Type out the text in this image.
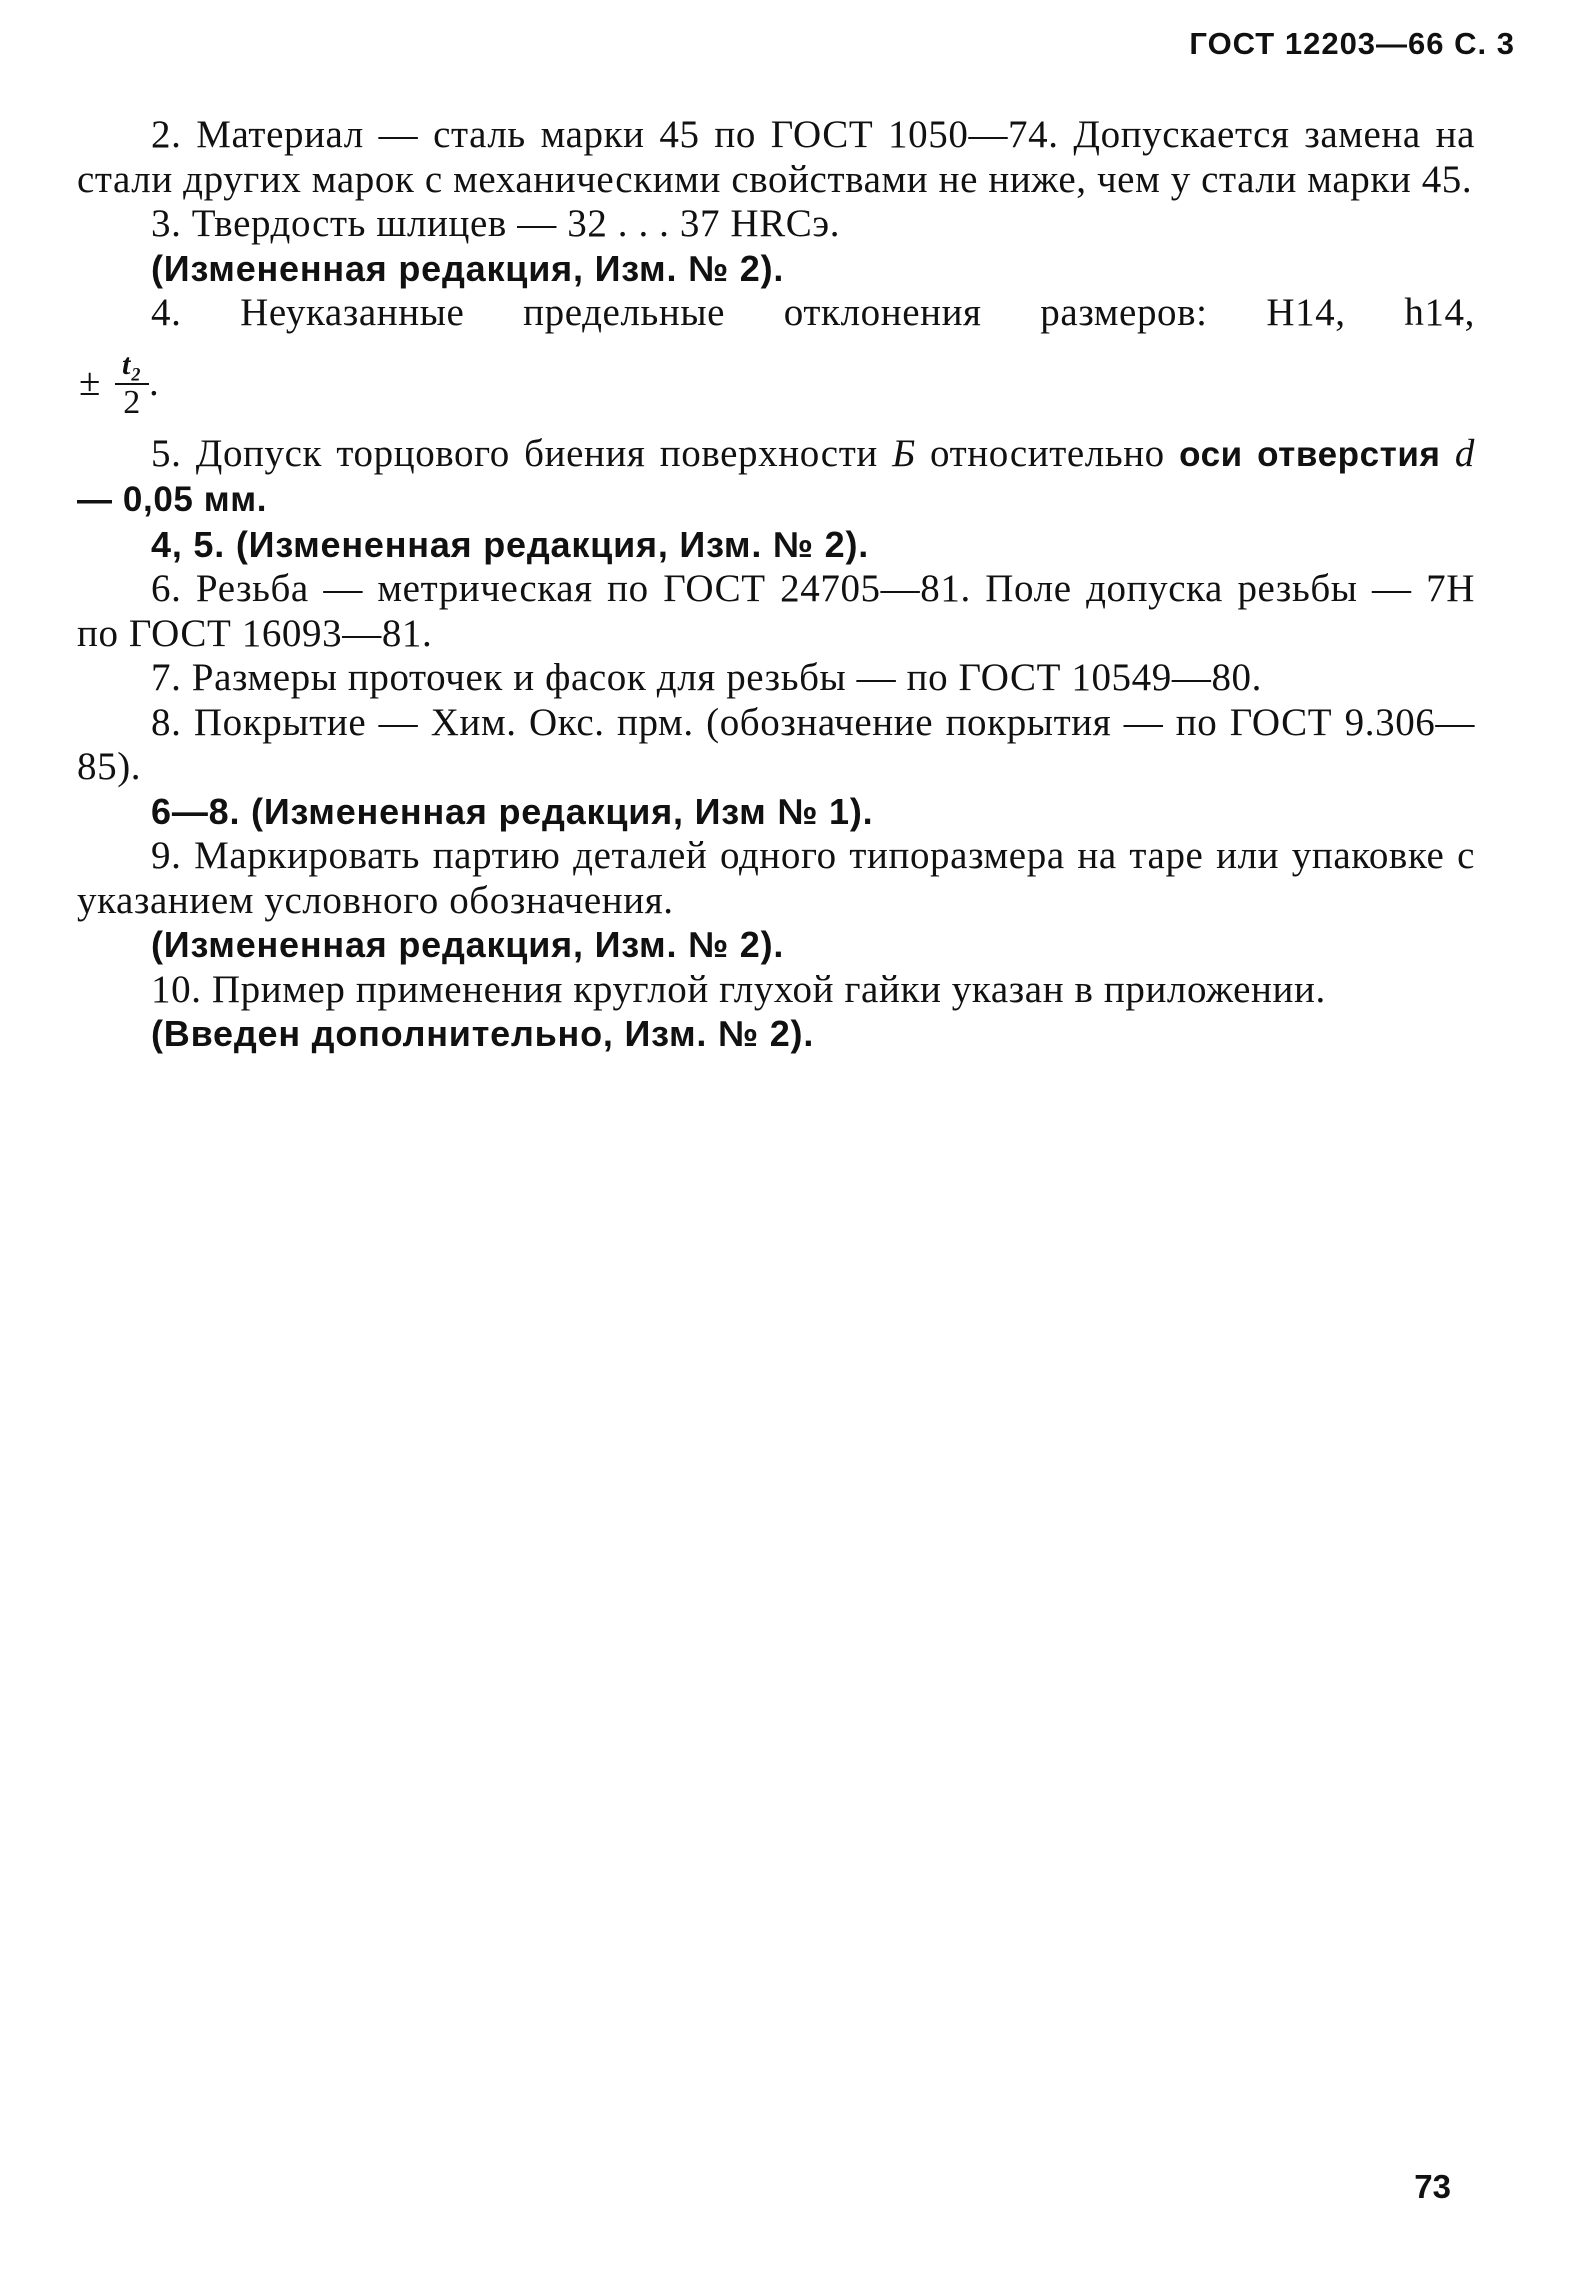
ГОСТ 12203—66 С. 3

2. Материал — сталь марки 45 по ГОСТ 1050—74. Допускается замена на стали других марок с механическими свойствами не ниже, чем у стали марки 45.

3. Твердость шлицев — 32 . . . 37 HRCэ.

(Измененная редакция, Изм. № 2).

4. Неуказанные предельные отклонения размеров: H14, h14,

± $\frac{\text{t₂}}{2}$ .

5. Допуск торцового биения поверхности Б относительно оси отверстия d — 0,05 мм.

4, 5. (Измененная редакция, Изм. № 2).

6. Резьба — метрическая по ГОСТ 24705—81. Поле допуска резьбы — 7H по ГОСТ 16093—81.

7. Размеры проточек и фасок для резьбы — по ГОСТ 10549—80.

8. Покрытие — Хим. Окс. прм. (обозначение покрытия — по ГОСТ 9.306—85).

6—8. (Измененная редакция, Изм № 1).

9. Маркировать партию деталей одного типоразмера на таре или упаковке с указанием условного обозначения.

(Измененная редакция, Изм. № 2).

10. Пример применения круглой глухой гайки указан в приложении.

(Введен дополнительно, Изм. № 2).

73
